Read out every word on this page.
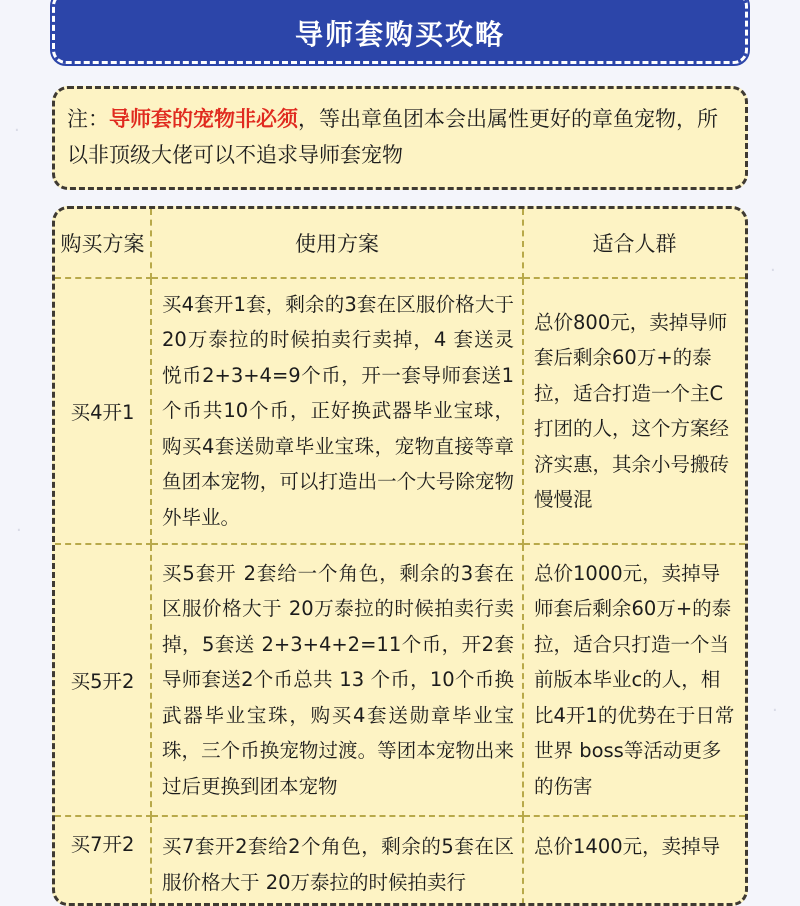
·
·
·
·
导师套购买攻略
注：导师套的宠物非必须，等出章鱼团本会出属性更好的章鱼宠物，所以非顶级大佬可以不追求导师套宠物
购买方案	使用方案	适合人群
买4开1	买4套开1套，剩余的3套在区服价格大于 20万泰拉的时候拍卖行卖掉，4 套送灵悦币2+3+4=9个币，开一套导师套送1个币共10个币，正好换武器毕业宝球，购买4套送勋章毕业宝珠，宠物直接等章鱼团本宠物，可以打造出一个大号除宠物外毕业。	总价800元，卖掉导师套后剩余60万+的泰拉，适合打造一个主C打团的人，这个方案经济实惠，其余小号搬砖慢慢混
买5开2	买5套开 2套给一个角色，剩余的3套在区服价格大于 20万泰拉的时候拍卖行卖掉，5套送 2+3+4+2=11个币，开2套导师套送2个币总共 13 个币，10个币换武器毕业宝珠，购买4套送勋章毕业宝珠，三个币换宠物过渡。等团本宠物出来过后更换到团本宠物	总价1000元，卖掉导师套后剩余60万+的泰拉，适合只打造一个当前版本毕业c的人，相比4开1的优势在于日常世界 boss等活动更多的伤害
买7开2	买7套开2套给2个角色，剩余的5套在区服价格大于 20万泰拉的时候拍卖行	总价1400元，卖掉导
